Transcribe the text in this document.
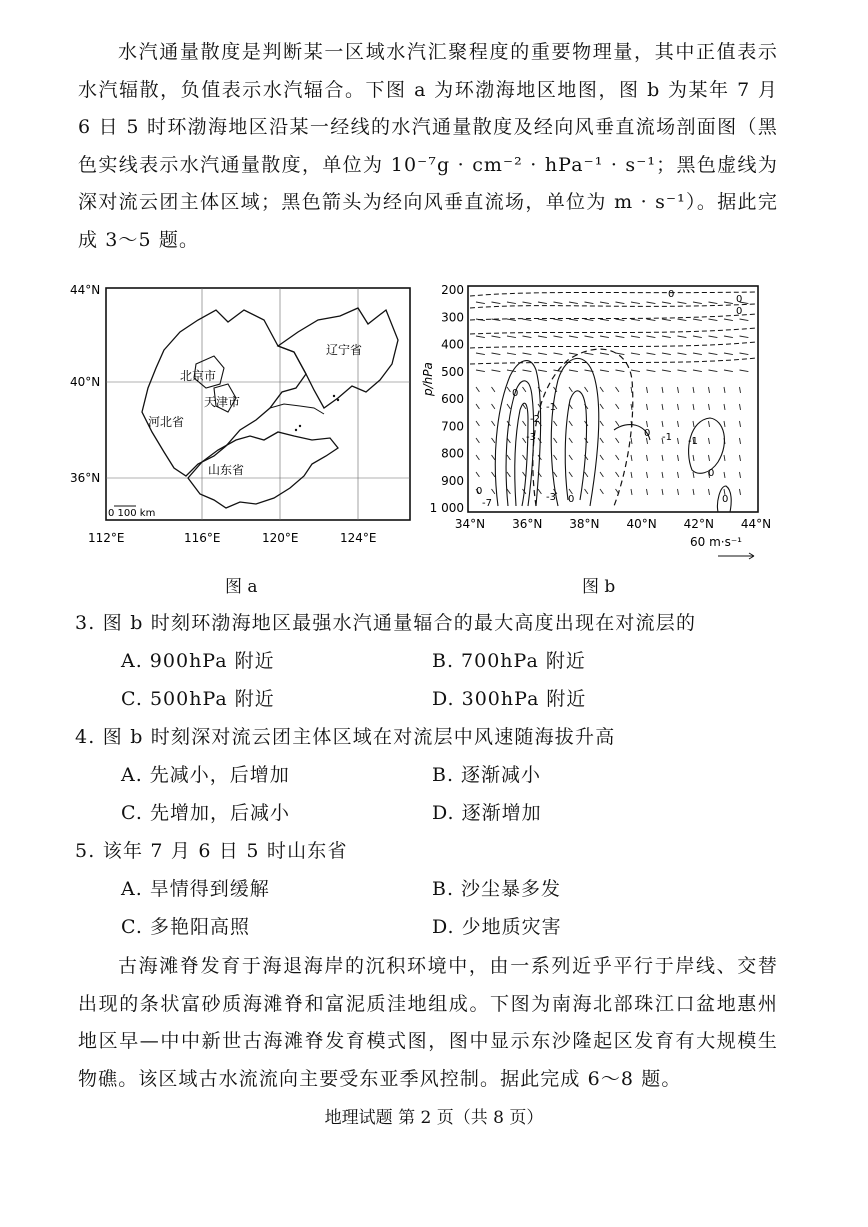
水汽通量散度是判断某一区域水汽汇聚程度的重要物理量，其中正值表示水汽辐散，负值表示水汽辐合。下图 a 为环渤海地区地图，图 b 为某年 7 月 6 日 5 时环渤海地区沿某一经线的水汽通量散度及经向风垂直流场剖面图（黑色实线表示水汽通量散度，单位为 10⁻⁷g · cm⁻² · hPa⁻¹ · s⁻¹；黑色虚线为深对流云团主体区域；黑色箭头为经向风垂直流场，单位为 m · s⁻¹）。据此完成 3～5 题。

44°N
40°N
36°N
112°E	116°E	120°E	124°E
辽宁省
北京市
天津市
河北省
山东省
0 100 km
图 a
p/hPa
200
300
400
500
600
700
800
900
1 000
34°N 36°N 38°N 40°N 42°N 44°N
0	0
0
0
-1
-2
-3	-1
0
0
-1
0
0
-7	0
-3
60 m·s⁻¹
图 b
3. 图 b 时刻环渤海地区最强水汽通量辐合的最大高度出现在对流层的
A. 900hPa 附近	B. 700hPa 附近
C. 500hPa 附近	D. 300hPa 附近
4. 图 b 时刻深对流云团主体区域在对流层中风速随海拔升高
A. 先减小，后增加	B. 逐渐减小
C. 先增加，后减小	D. 逐渐增加
5. 该年 7 月 6 日 5 时山东省
A. 旱情得到缓解	B. 沙尘暴多发
C. 多艳阳高照	D. 少地质灾害

古海滩脊发育于海退海岸的沉积环境中，由一系列近乎平行于岸线、交替出现的条状富砂质海滩脊和富泥质洼地组成。下图为南海北部珠江口盆地惠州地区早—中中新世古海滩脊发育模式图，图中显示东沙隆起区发育有大规模生物礁。该区域古水流流向主要受东亚季风控制。据此完成 6～8 题。

地理试题 第 2 页（共 8 页）
